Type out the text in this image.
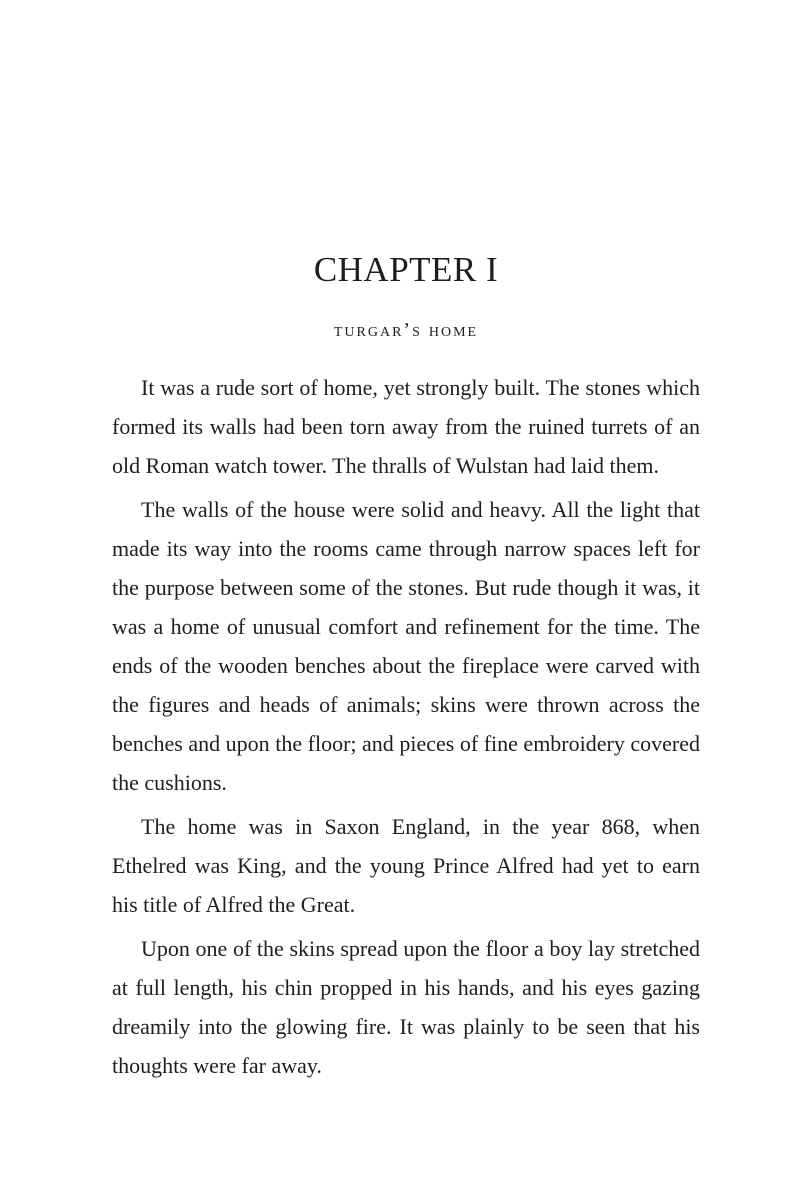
CHAPTER I
turgar’s home

It was a rude sort of home, yet strongly built. The stones which formed its walls had been torn away from the ruined turrets of an old Roman watch tower. The thralls of Wulstan had laid them.

The walls of the house were solid and heavy. All the light that made its way into the rooms came through narrow spaces left for the purpose between some of the stones. But rude though it was, it was a home of unusual comfort and refinement for the time. The ends of the wooden benches about the fireplace were carved with the figures and heads of animals; skins were thrown across the benches and upon the floor; and pieces of fine embroidery covered the cushions.

The home was in Saxon England, in the year 868, when Ethelred was King, and the young Prince Alfred had yet to earn his title of Alfred the Great.

Upon one of the skins spread upon the floor a boy lay stretched at full length, his chin propped in his hands, and his eyes gazing dreamily into the glowing fire. It was plainly to be seen that his thoughts were far away.
